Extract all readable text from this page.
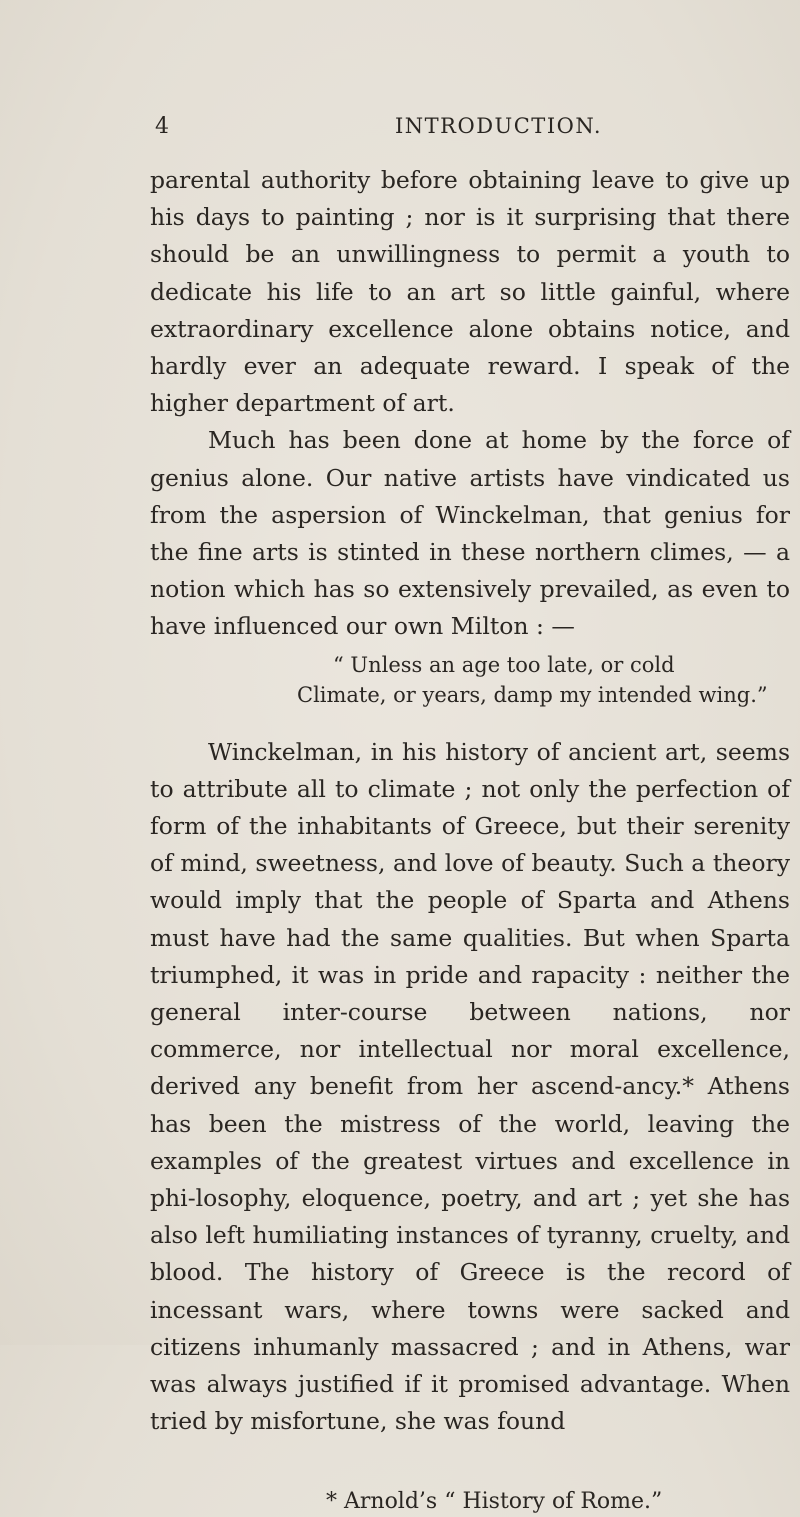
4	INTRODUCTION.

parental authority before obtaining leave to give up his days to painting ; nor is it surprising that there should be an unwillingness to permit a youth to dedicate his life to an art so little gainful, where extraordinary excellence alone obtains notice, and hardly ever an adequate reward. I speak of the higher department of art.

Much has been done at home by the force of genius alone. Our native artists have vindicated us from the aspersion of Winckelman, that genius for the fine arts is stinted in these northern climes, — a notion which has so extensively prevailed, as even to have influenced our own Milton : —

“ Unless an age too late, or cold
Climate, or years, damp my intended wing.”

Winckelman, in his history of ancient art, seems to attribute all to climate ; not only the perfection of form of the inhabitants of Greece, but their serenity of mind, sweetness, and love of beauty. Such a theory would imply that the people of Sparta and Athens must have had the same qualities. But when Sparta triumphed, it was in pride and rapacity : neither the general inter-course between nations, nor commerce, nor intellectual nor moral excellence, derived any benefit from her ascend-ancy.* Athens has been the mistress of the world, leaving the examples of the greatest virtues and excellence in phi-losophy, eloquence, poetry, and art ; yet she has also left humiliating instances of tyranny, cruelty, and blood. The history of Greece is the record of incessant wars, where towns were sacked and citizens inhumanly massacred ; and in Athens, war was always justified if it promised advantage. When tried by misfortune, she was found

* Arnold’s “ History of Rome.”
